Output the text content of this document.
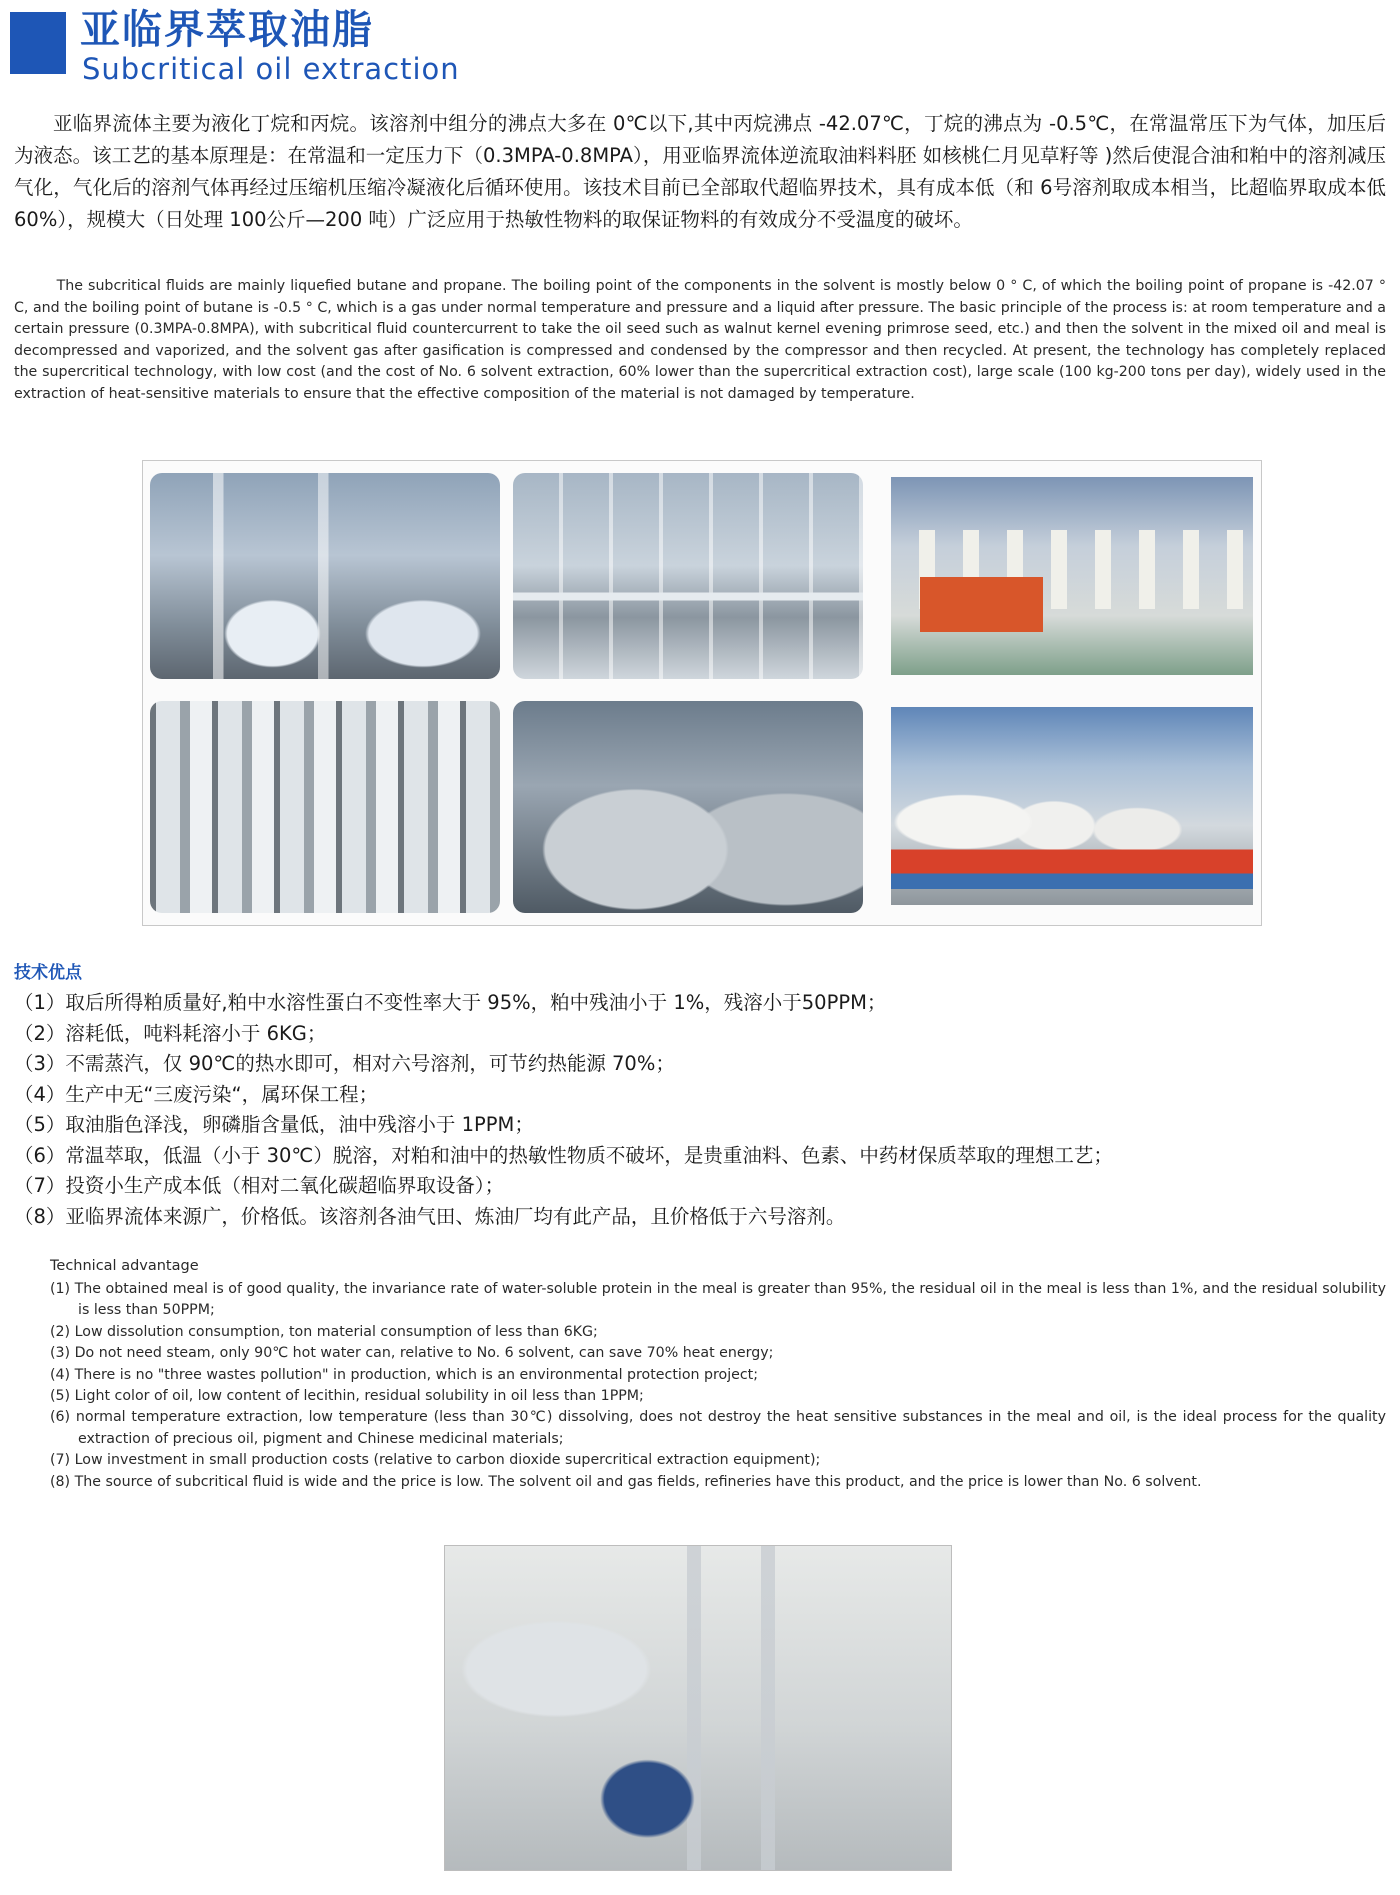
亚临界萃取油脂
Subcritical oil extraction

亚临界流体主要为液化丁烷和丙烷。该溶剂中组分的沸点大多在 0℃以下,其中丙烷沸点 -42.07℃，丁烷的沸点为 -0.5℃，在常温常压下为气体，加压后为液态。该工艺的基本原理是：在常温和一定压力下（0.3MPA-0.8MPA），用亚临界流体逆流取油料料胚 如核桃仁月见草籽等 )然后使混合油和粕中的溶剂减压气化，气化后的溶剂气体再经过压缩机压缩冷凝液化后循环使用。该技术目前已全部取代超临界技术，具有成本低（和 6号溶剂取成本相当，比超临界取成本低 60%），规模大（日处理 100公斤—200 吨）广泛应用于热敏性物料的取保证物料的有效成分不受温度的破坏。

The subcritical fluids are mainly liquefied butane and propane. The boiling point of the components in the solvent is mostly below 0 ° C, of which the boiling point of propane is -42.07 ° C, and the boiling point of butane is -0.5 ° C, which is a gas under normal temperature and pressure and a liquid after pressure. The basic principle of the process is: at room temperature and a certain pressure (0.3MPA-0.8MPA), with subcritical fluid countercurrent to take the oil seed such as walnut kernel evening primrose seed, etc.) and then the solvent in the mixed oil and meal is decompressed and vaporized, and the solvent gas after gasification is compressed and condensed by the compressor and then recycled. At present, the technology has completely replaced the supercritical technology, with low cost (and the cost of No. 6 solvent extraction, 60% lower than the supercritical extraction cost), large scale (100 kg-200 tons per day), widely used in the extraction of heat-sensitive materials to ensure that the effective composition of the material is not damaged by temperature.

技术优点

（1）取后所得粕质量好,粕中水溶性蛋白不变性率大于 95%，粕中残油小于 1%，残溶小于50PPM；
（2）溶耗低，吨料耗溶小于 6KG；
（3）不需蒸汽，仅 90℃的热水即可，相对六号溶剂，可节约热能源 70%；
（4）生产中无“三废污染“，属环保工程；
（5）取油脂色泽浅，卵磷脂含量低，油中残溶小于 1PPM；
（6）常温萃取，低温（小于 30℃）脱溶，对粕和油中的热敏性物质不破坏，是贵重油料、色素、中药材保质萃取的理想工艺；
（7）投资小生产成本低（相对二氧化碳超临界取设备）；
（8）亚临界流体来源广，价格低。该溶剂各油气田、炼油厂均有此产品，且价格低于六号溶剂。

Technical advantage

(1) The obtained meal is of good quality, the invariance rate of water-soluble protein in the meal is greater than 95%, the residual oil in the meal is less than 1%, and the residual solubility is less than 50PPM;
(2) Low dissolution consumption, ton material consumption of less than 6KG;
(3) Do not need steam, only 90℃ hot water can, relative to No. 6 solvent, can save 70% heat energy;
(4) There is no "three wastes pollution" in production, which is an environmental protection project;
(5) Light color of oil, low content of lecithin, residual solubility in oil less than 1PPM;
(6) normal temperature extraction, low temperature (less than 30℃) dissolving, does not destroy the heat sensitive substances in the meal and oil, is the ideal process for the quality extraction of precious oil, pigment and Chinese medicinal materials;
(7) Low investment in small production costs (relative to carbon dioxide supercritical extraction equipment);
(8) The source of subcritical fluid is wide and the price is low. The solvent oil and gas fields, refineries have this product, and the price is lower than No. 6 solvent.
